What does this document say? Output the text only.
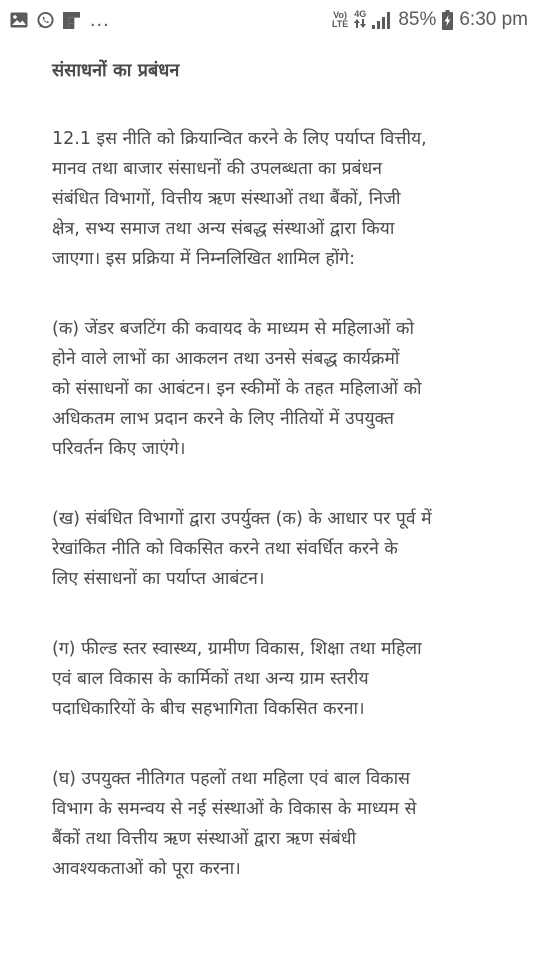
...	Vo)
LTE
4G 85% 6:30 pm
संसाधनों का प्रबंधन
12.1 इस नीति को क्रियान्वित करने के लिए पर्याप्त वित्तीय,
मानव तथा बाजार संसाधनों की उपलब्धता का प्रबंधन
संबंधित विभागों, वित्तीय ऋण संस्थाओं तथा बैंकों, निजी
क्षेत्र, सभ्य समाज तथा अन्य संबद्ध संस्थाओं द्वारा किया
जाएगा। इस प्रक्रिया में निम्नलिखित शामिल होंगे:
(क) जेंडर बजटिंग की कवायद के माध्यम से महिलाओं को
होने वाले लाभों का आकलन तथा उनसे संबद्ध कार्यक्रमों
को संसाधनों का आबंटन। इन स्कीमों के तहत महिलाओं को
अधिकतम लाभ प्रदान करने के लिए नीतियों में उपयुक्त
परिवर्तन किए जाएंगे।
(ख) संबंधित विभागों द्वारा उपर्युक्त (क) के आधार पर पूर्व में
रेखांकित नीति को विकसित करने तथा संवर्धित करने के
लिए संसाधनों का पर्याप्त आबंटन।
(ग) फील्ड स्तर स्वास्थ्य, ग्रामीण विकास, शिक्षा तथा महिला
एवं बाल विकास के कार्मिकों तथा अन्य ग्राम स्तरीय
पदाधिकारियों के बीच सहभागिता विकसित करना।
(घ) उपयुक्त नीतिगत पहलों तथा महिला एवं बाल विकास
विभाग के समन्वय से नई संस्थाओं के विकास के माध्यम से
बैंकों तथा वित्तीय ऋण संस्थाओं द्वारा ऋण संबंधी
आवश्यकताओं को पूरा करना।
